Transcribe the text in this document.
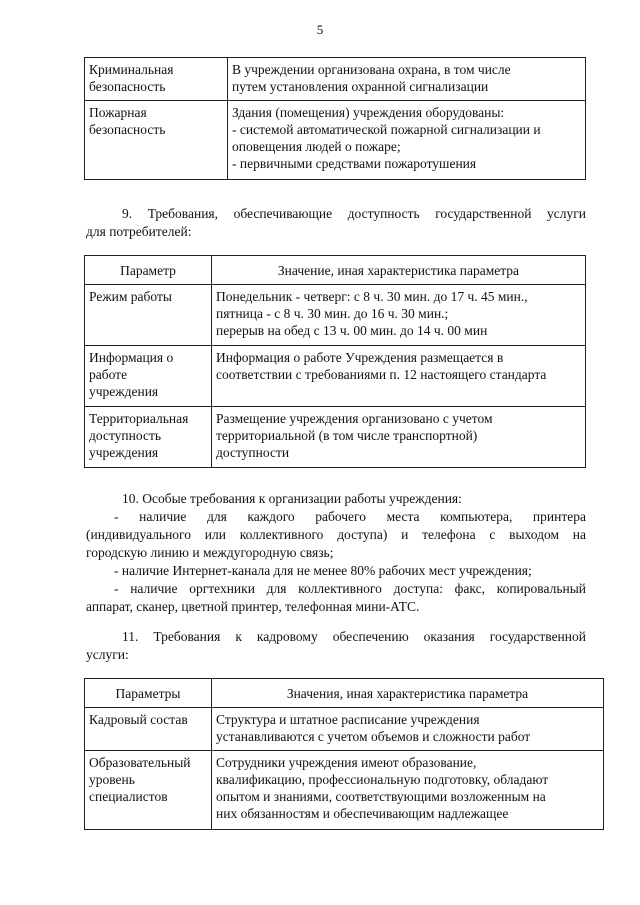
5
Криминальная
безопасность	В учреждении организована охрана, в том числе
путем установления охранной сигнализации

Пожарная
безопасность	Здания (помещения) учреждения оборудованы:
- системой автоматической пожарной сигнализации и
оповещения людей о пожаре;
- первичными средствами пожаротушения
9. Требования, обеспечивающие доступность государственной услуги
для потребителей:
Параметр	Значение, иная характеристика параметра

Режим работы	Понедельник - четверг: с 8 ч. 30 мин. до 17 ч. 45 мин.,
пятница - с 8 ч. 30 мин. до 16 ч. 30 мин.;
перерыв на обед с 13 ч. 00 мин. до 14 ч. 00 мин

Информация о
работе
учреждения	Информация о работе Учреждения размещается в
соответствии с требованиями п. 12 настоящего стандарта

Территориальная
доступность
учреждения	Размещение учреждения организовано с учетом
территориальной (в том числе транспортной)
доступности
10. Особые требования к организации работы учреждения:
- наличие для каждого рабочего места компьютера, принтера
(индивидуального или коллективного доступа) и телефона с выходом на
городскую линию и междугородную связь;
- наличие Интернет-канала для не менее 80% рабочих мест учреждения;
- наличие оргтехники для коллективного доступа: факс, копировальный
аппарат, сканер, цветной принтер, телефонная мини-АТС.
11. Требования к кадровому обеспечению оказания государственной
услуги:
Параметры	Значения, иная характеристика параметра

Кадровый состав	Структура и штатное расписание учреждения
устанавливаются с учетом объемов и сложности работ

Образовательный
уровень
специалистов	Сотрудники учреждения имеют образование,
квалификацию, профессиональную подготовку, обладают
опытом и знаниями, соответствующими возложенным на
них обязанностям и обеспечивающим надлежащее
